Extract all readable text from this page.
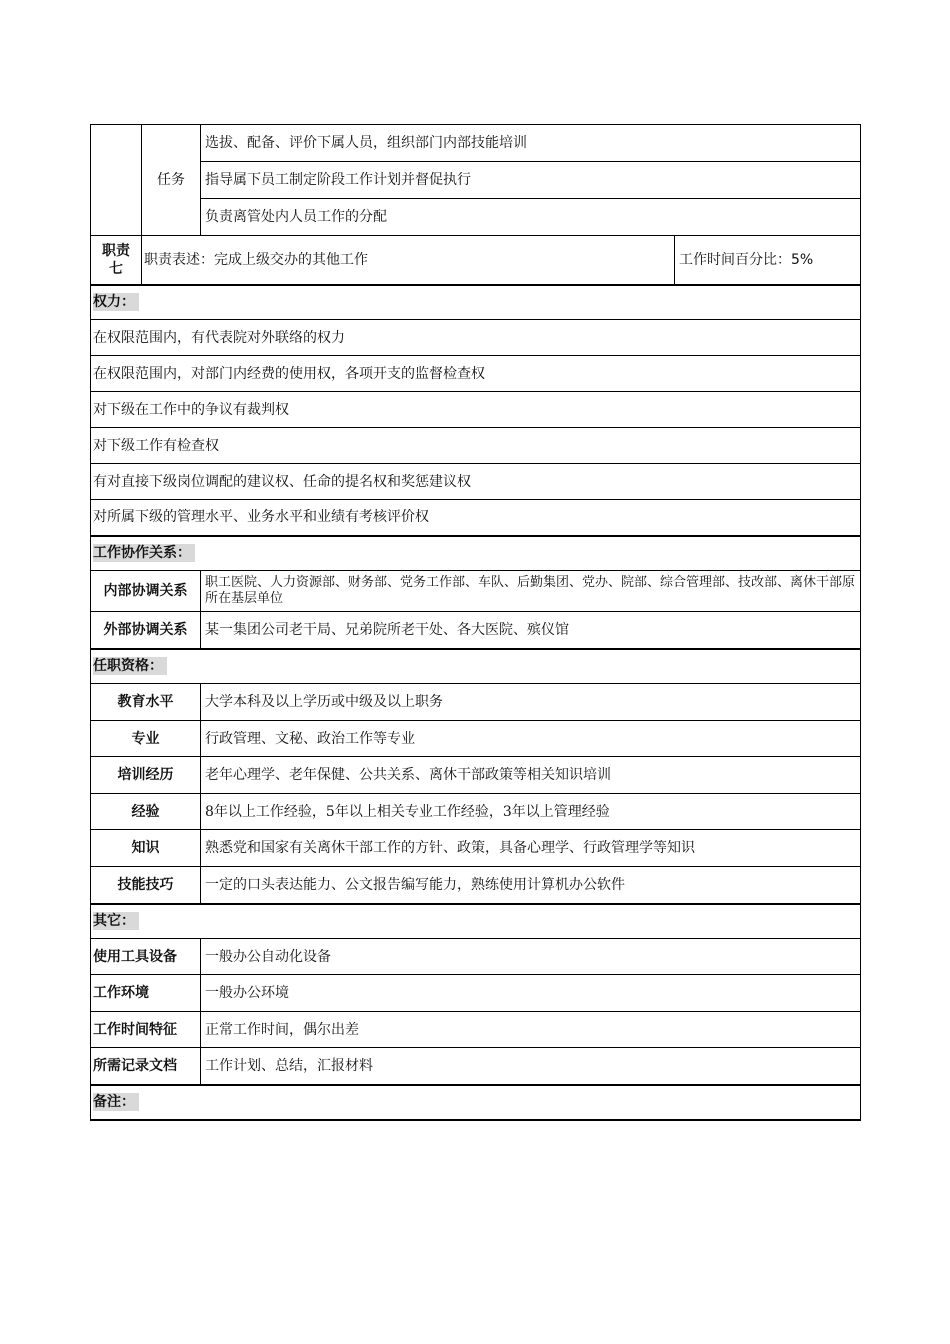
	任务	选拔、配备、评价下属人员，组织部门内部技能培训	
		指导属下员工制定阶段工作计划并督促执行	
		负责离管处内人员工作的分配	
职责七	职责表述：完成上级交办的其他工作		工作时间百分比：5%
权力：			
在权限范围内，有代表院对外联络的权力			
在权限范围内，对部门内经费的使用权，各项开支的监督检查权			
对下级在工作中的争议有裁判权			
对下级工作有检查权			
有对直接下级岗位调配的建议权、任命的提名权和奖惩建议权			
对所属下级的管理水平、业务水平和业绩有考核评价权			
工作协作关系：			
内部协调关系		职工医院、人力资源部、财务部、党务工作部、车队、后勤集团、党办、院部、综合管理部、技改部、离休干部原所在基层单位	
外部协调关系		某一集团公司老干局、兄弟院所老干处、各大医院、殡仪馆	
任职资格：			
教育水平		大学本科及以上学历或中级及以上职务	
专业		行政管理、文秘、政治工作等专业	
培训经历		老年心理学、老年保健、公共关系、离休干部政策等相关知识培训	
经验		8年以上工作经验，5年以上相关专业工作经验，3年以上管理经验	
知识		熟悉党和国家有关离休干部工作的方针、政策，具备心理学、行政管理学等知识	
技能技巧		一定的口头表达能力、公文报告编写能力，熟练使用计算机办公软件	
其它：			
使用工具设备		一般办公自动化设备	
工作环境		一般办公环境	
工作时间特征		正常工作时间，偶尔出差	
所需记录文档		工作计划、总结，汇报材料	
备注：			
